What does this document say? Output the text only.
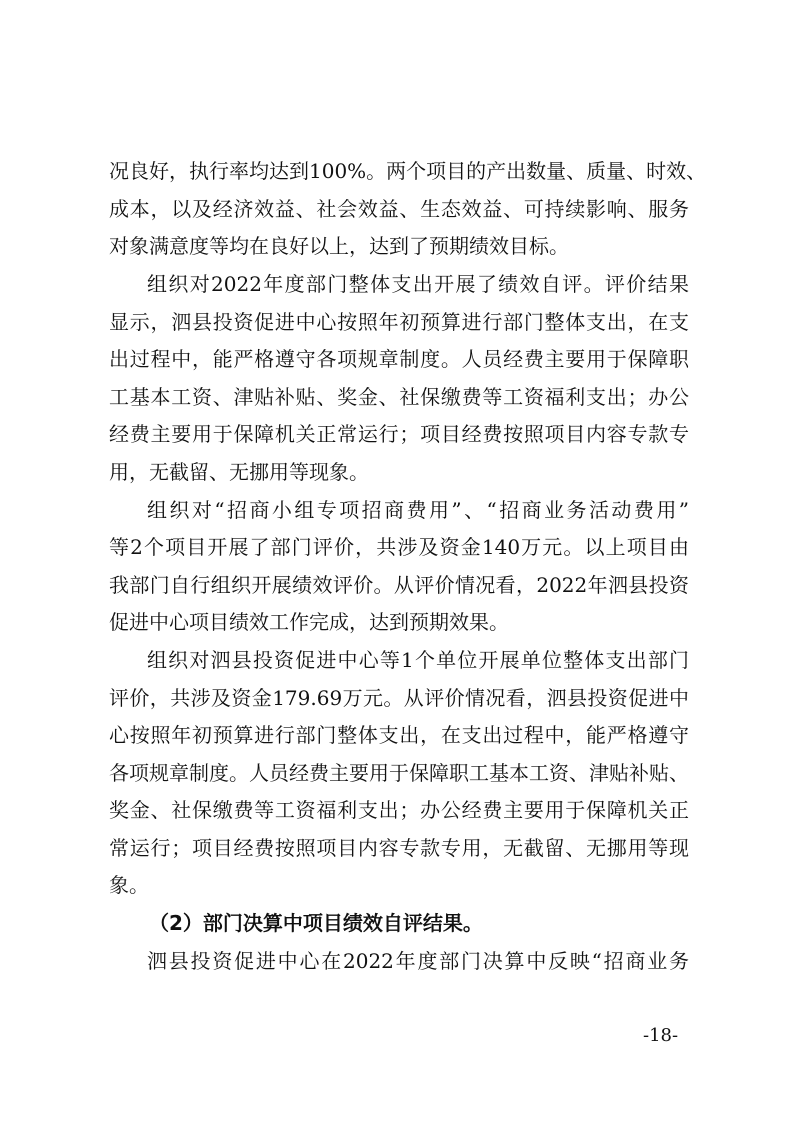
况良好，执行率均达到100%。两个项目的产出数量、质量、时效、
成本，以及经济效益、社会效益、生态效益、可持续影响、服务
对象满意度等均在良好以上，达到了预期绩效目标。
组织对2022年度部门整体支出开展了绩效自评。评价结果
显示，泗县投资促进中心按照年初预算进行部门整体支出，在支
出过程中，能严格遵守各项规章制度。人员经费主要用于保障职
工基本工资、津贴补贴、奖金、社保缴费等工资福利支出；办公
经费主要用于保障机关正常运行；项目经费按照项目内容专款专
用，无截留、无挪用等现象。
组织对“招商小组专项招商费用”、“招商业务活动费用”
等2个项目开展了部门评价，共涉及资金140万元。以上项目由
我部门自行组织开展绩效评价。从评价情况看，2022年泗县投资
促进中心项目绩效工作完成，达到预期效果。
组织对泗县投资促进中心等1个单位开展单位整体支出部门
评价，共涉及资金179.69万元。从评价情况看，泗县投资促进中
心按照年初预算进行部门整体支出，在支出过程中，能严格遵守
各项规章制度。人员经费主要用于保障职工基本工资、津贴补贴、
奖金、社保缴费等工资福利支出；办公经费主要用于保障机关正
常运行；项目经费按照项目内容专款专用，无截留、无挪用等现
象。
（2）部门决算中项目绩效自评结果。
泗县投资促进中心在2022年度部门决算中反映“招商业务
-18-
